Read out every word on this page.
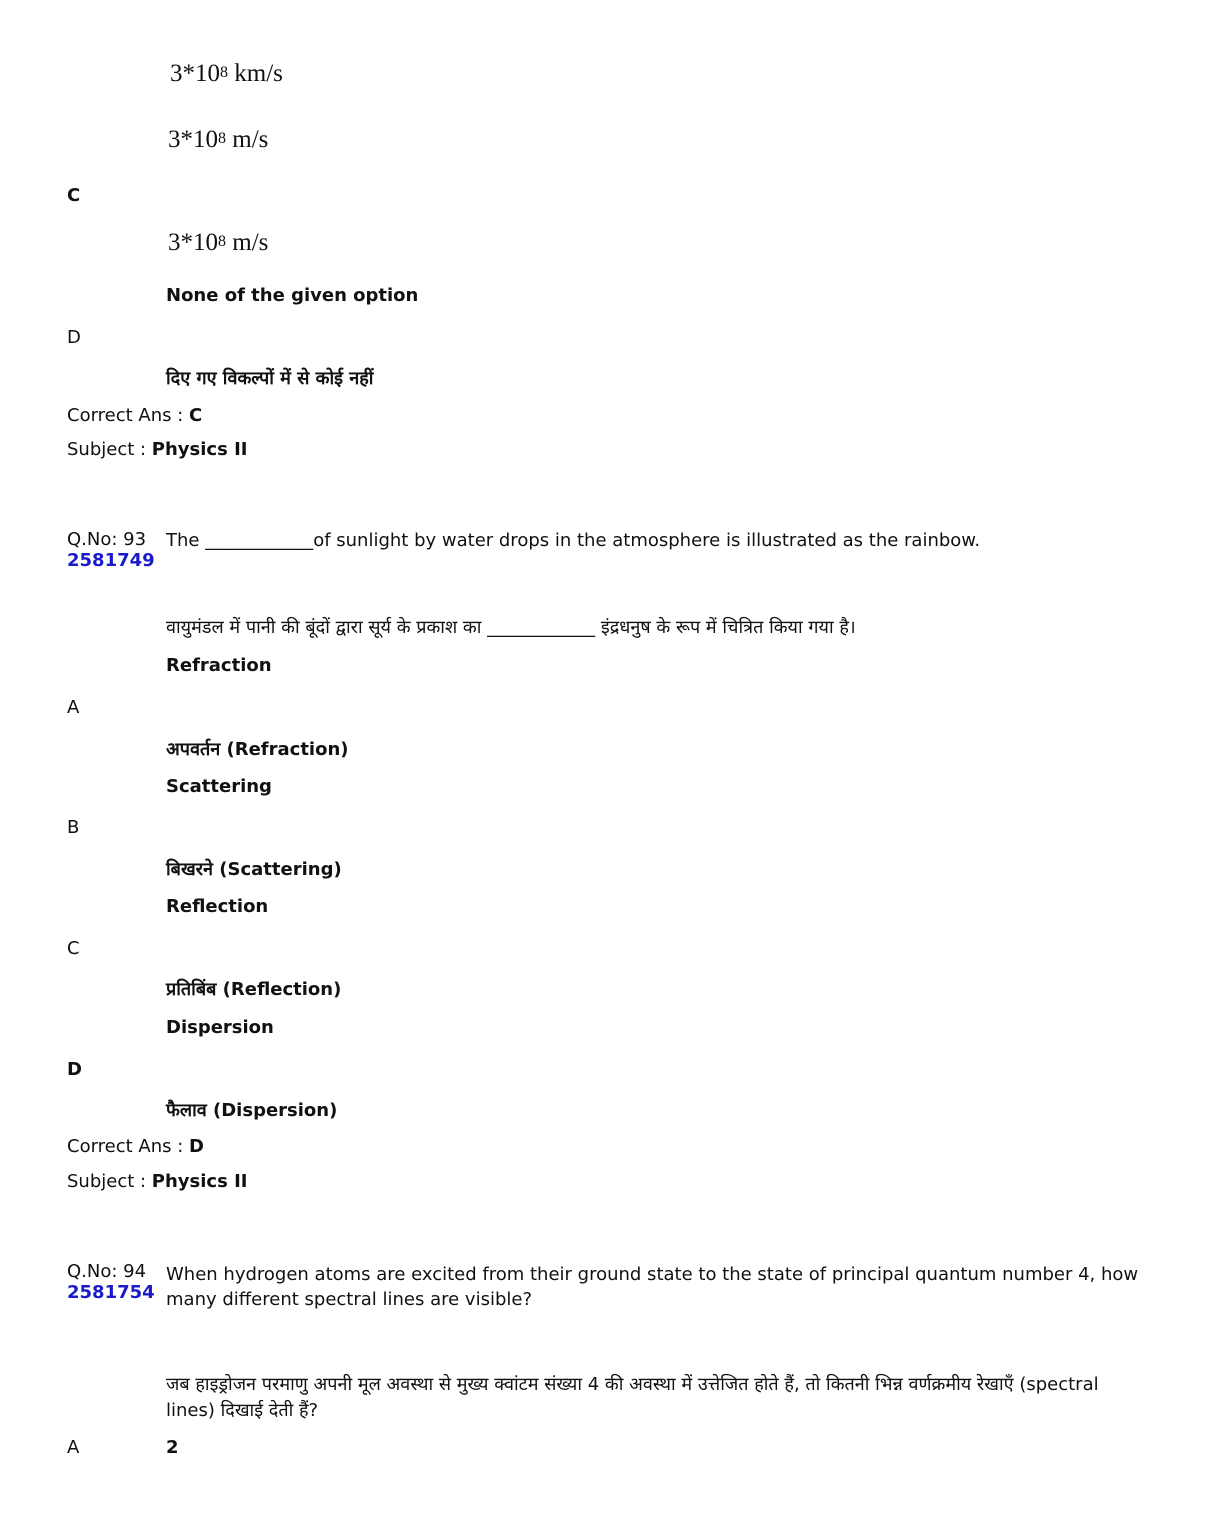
$3*10^8$ km/s
$3*10^8$ m/s
C
$3*10^8$ m/s
None of the given option
D
दिए गए विकल्पों में से कोई नहीं
Correct Ans : C
Subject : Physics II
Q.No: 93
2581749
The ____________of sunlight by water drops in the atmosphere is illustrated as the rainbow.
वायुमंडल में पानी की बूंदों द्वारा सूर्य के प्रकाश का ____________ इंद्रधनुष के रूप में चित्रित किया गया है।
Refraction
A
अपवर्तन (Refraction)
Scattering
B
बिखरने (Scattering)
Reflection
C
प्रतिबिंब (Reflection)
Dispersion
D
फैलाव (Dispersion)
Correct Ans : D
Subject : Physics II
Q.No: 94
2581754
When hydrogen atoms are excited from their ground state to the state of principal quantum number 4, how many different spectral lines are visible?
जब हाइड्रोजन परमाणु अपनी मूल अवस्था से मुख्य क्वांटम संख्या 4 की अवस्था में उत्तेजित होते हैं, तो कितनी भिन्न वर्णक्रमीय रेखाएँ (spectral lines) दिखाई देती हैं?
A	2
